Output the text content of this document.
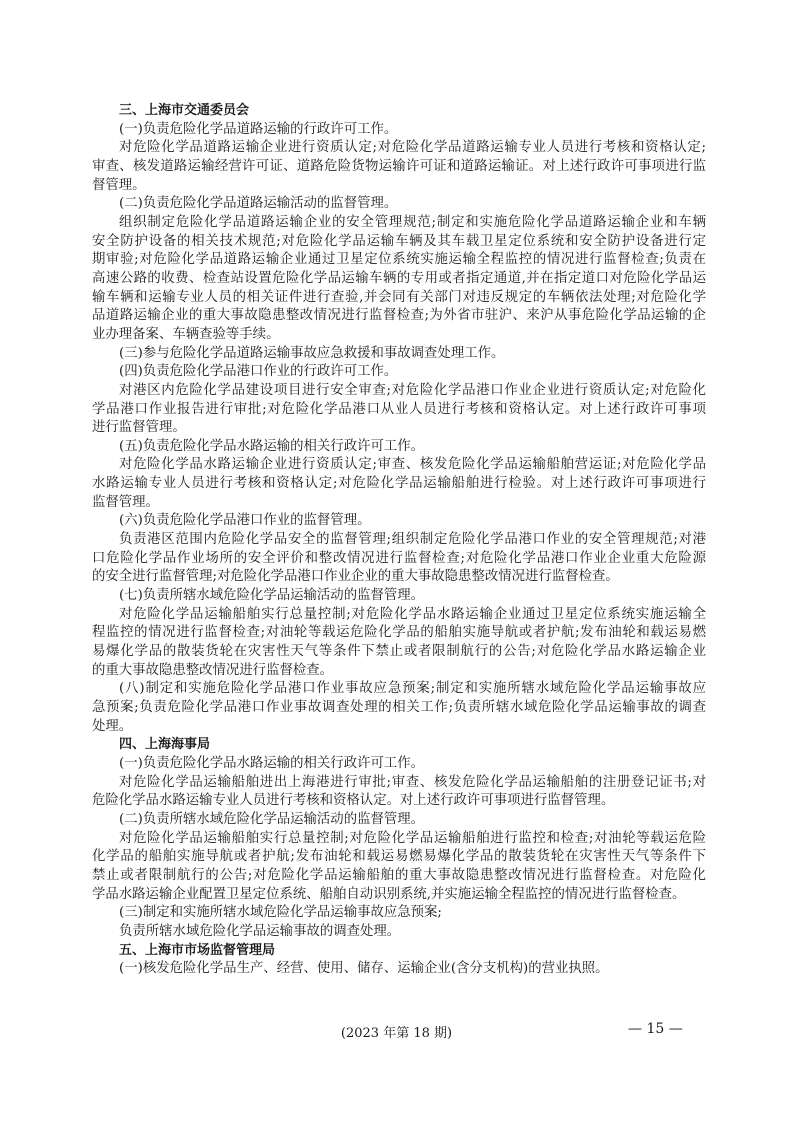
三、上海市交通委员会
(一)负责危险化学品道路运输的行政许可工作。
对危险化学品道路运输企业进行资质认定;对危险化学品道路运输专业人员进行考核和资格认定;
审查、核发道路运输经营许可证、道路危险货物运输许可证和道路运输证。对上述行政许可事项进行监
督管理。
(二)负责危险化学品道路运输活动的监督管理。
组织制定危险化学品道路运输企业的安全管理规范;制定和实施危险化学品道路运输企业和车辆
安全防护设备的相关技术规范;对危险化学品运输车辆及其车载卫星定位系统和安全防护设备进行定
期审验;对危险化学品道路运输企业通过卫星定位系统实施运输全程监控的情况进行监督检查;负责在
高速公路的收费、检查站设置危险化学品运输车辆的专用或者指定通道,并在指定道口对危险化学品运
输车辆和运输专业人员的相关证件进行查验,并会同有关部门对违反规定的车辆依法处理;对危险化学
品道路运输企业的重大事故隐患整改情况进行监督检查;为外省市驻沪、来沪从事危险化学品运输的企
业办理备案、车辆查验等手续。
(三)参与危险化学品道路运输事故应急救援和事故调查处理工作。
(四)负责危险化学品港口作业的行政许可工作。
对港区内危险化学品建设项目进行安全审查;对危险化学品港口作业企业进行资质认定;对危险化
学品港口作业报告进行审批;对危险化学品港口从业人员进行考核和资格认定。对上述行政许可事项
进行监督管理。
(五)负责危险化学品水路运输的相关行政许可工作。
对危险化学品水路运输企业进行资质认定;审查、核发危险化学品运输船舶营运证;对危险化学品
水路运输专业人员进行考核和资格认定;对危险化学品运输船舶进行检验。对上述行政许可事项进行
监督管理。
(六)负责危险化学品港口作业的监督管理。
负责港区范围内危险化学品安全的监督管理;组织制定危险化学品港口作业的安全管理规范;对港
口危险化学品作业场所的安全评价和整改情况进行监督检查;对危险化学品港口作业企业重大危险源
的安全进行监督管理;对危险化学品港口作业企业的重大事故隐患整改情况进行监督检查。
(七)负责所辖水域危险化学品运输活动的监督管理。
对危险化学品运输船舶实行总量控制;对危险化学品水路运输企业通过卫星定位系统实施运输全
程监控的情况进行监督检查;对油轮等载运危险化学品的船舶实施导航或者护航;发布油轮和载运易燃
易爆化学品的散装货轮在灾害性天气等条件下禁止或者限制航行的公告;对危险化学品水路运输企业
的重大事故隐患整改情况进行监督检查。
(八)制定和实施危险化学品港口作业事故应急预案;制定和实施所辖水域危险化学品运输事故应
急预案;负责危险化学品港口作业事故调查处理的相关工作;负责所辖水域危险化学品运输事故的调查
处理。
四、上海海事局
(一)负责危险化学品水路运输的相关行政许可工作。
对危险化学品运输船舶进出上海港进行审批;审查、核发危险化学品运输船舶的注册登记证书;对
危险化学品水路运输专业人员进行考核和资格认定。对上述行政许可事项进行监督管理。
(二)负责所辖水域危险化学品运输活动的监督管理。
对危险化学品运输船舶实行总量控制;对危险化学品运输船舶进行监控和检查;对油轮等载运危险
化学品的船舶实施导航或者护航;发布油轮和载运易燃易爆化学品的散装货轮在灾害性天气等条件下
禁止或者限制航行的公告;对危险化学品运输船舶的重大事故隐患整改情况进行监督检查。对危险化
学品水路运输企业配置卫星定位系统、船舶自动识别系统,并实施运输全程监控的情况进行监督检查。
(三)制定和实施所辖水域危险化学品运输事故应急预案;
负责所辖水域危险化学品运输事故的调查处理。
五、上海市市场监督管理局
(一)核发危险化学品生产、经营、使用、储存、运输企业(含分支机构)的营业执照。
(2023 年第 18 期)	— 15 —
